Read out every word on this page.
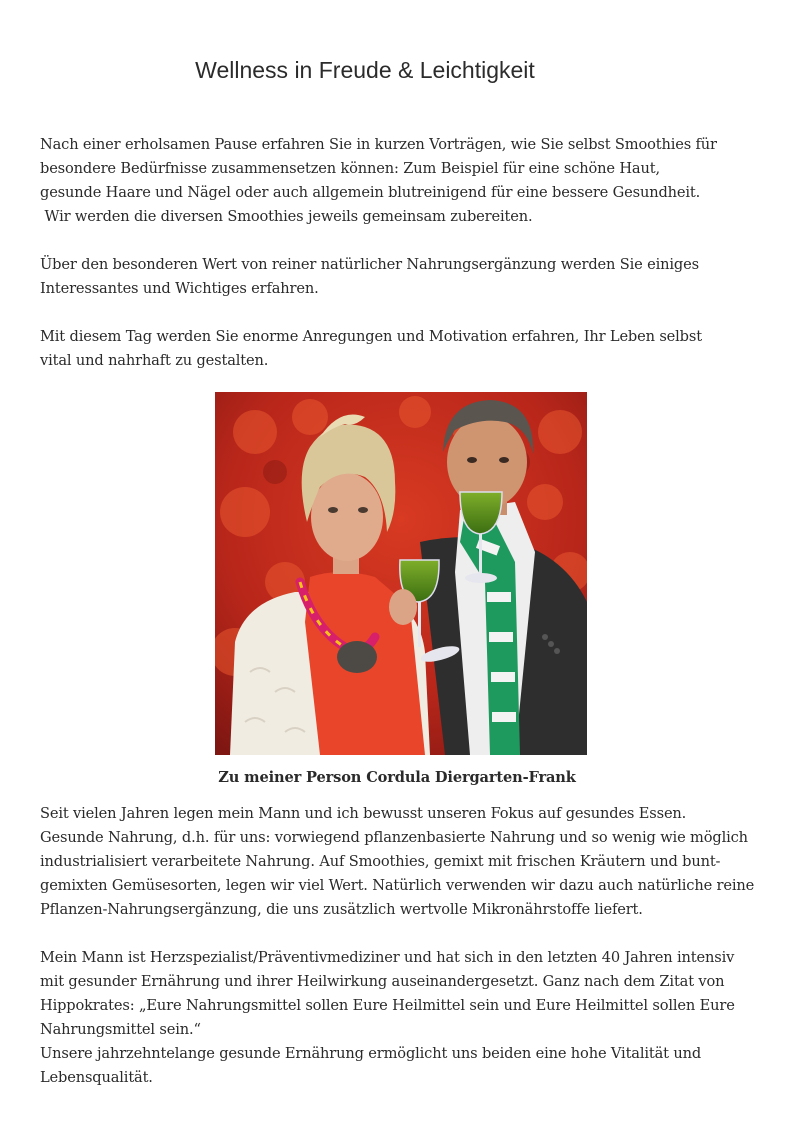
Wellness in Freude & Leichtigkeit
Nach einer erholsamen Pause erfahren Sie in kurzen Vorträgen, wie Sie selbst Smoothies für
besondere Bedürfnisse zusammensetzen können: Zum Beispiel für eine schöne Haut,
gesunde Haare und Nägel oder auch allgemein blutreinigend für eine bessere Gesundheit.
Wir werden die diversen Smoothies jeweils gemeinsam zubereiten.
Über den besonderen Wert von reiner natürlicher Nahrungsergänzung werden Sie einiges
Interessantes und Wichtiges erfahren.
Mit diesem Tag werden Sie enorme Anregungen und Motivation erfahren, Ihr Leben selbst
vital und nahrhaft zu gestalten.

Zu meiner Person Cordula Diergarten-Frank

Seit vielen Jahren legen mein Mann und ich bewusst unseren Fokus auf gesundes Essen.
Gesunde Nahrung, d.h. für uns: vorwiegend pflanzenbasierte Nahrung und so wenig wie möglich
industrialisiert verarbeitete Nahrung. Auf Smoothies, gemixt mit frischen Kräutern und bunt-
gemixten Gemüsesorten, legen wir viel Wert. Natürlich verwenden wir dazu auch natürliche reine
Pflanzen-Nahrungsergänzung, die uns zusätzlich wertvolle Mikronährstoffe liefert.
Mein Mann ist Herzspezialist/Präventivmediziner und hat sich in den letzten 40 Jahren intensiv
mit gesunder Ernährung und ihrer Heilwirkung auseinandergesetzt. Ganz nach dem Zitat von
Hippokrates: „Eure Nahrungsmittel sollen Eure Heilmittel sein und Eure Heilmittel sollen Eure
Nahrungsmittel sein.“
Unsere jahrzehntelange gesunde Ernährung ermöglicht uns beiden eine hohe Vitalität und
Lebensqualität.
